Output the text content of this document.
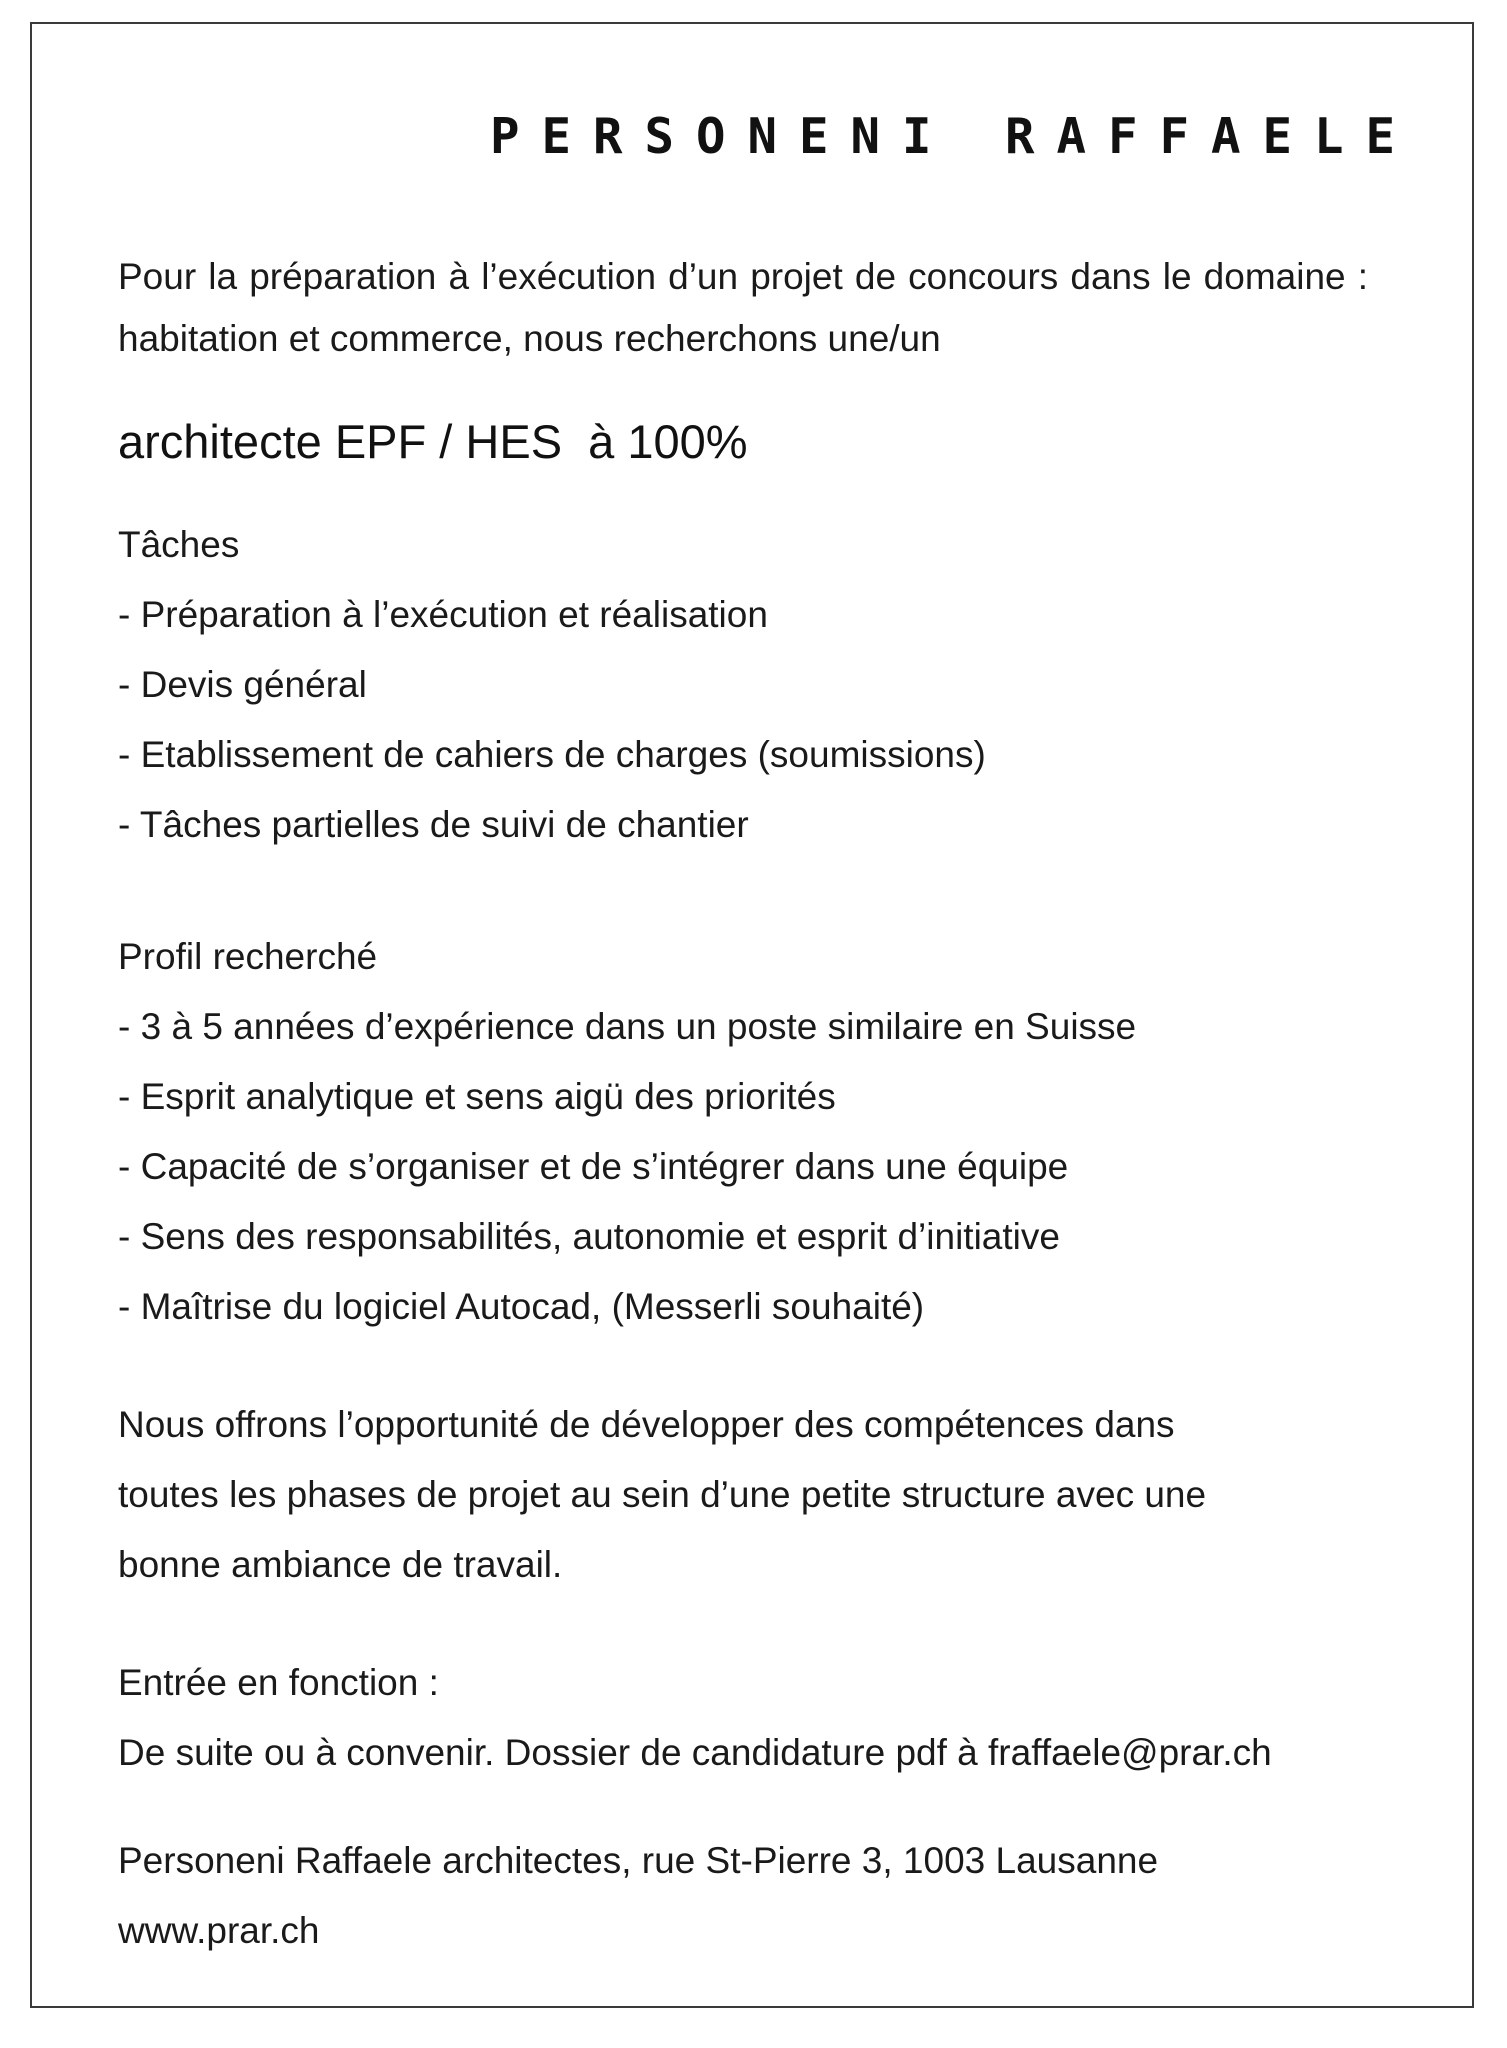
PERSONENI RAFFAELE

Pour la préparation à l’exécution d’un projet de concours dans le domaine : habitation et commerce, nous recherchons une/un

architecte EPF / HES  à 100%
Tâches
- Préparation à l’exécution et réalisation
- Devis général
- Etablissement de cahiers de charges (soumissions)
- Tâches partielles de suivi de chantier
Profil recherché
- 3 à 5 années d’expérience dans un poste similaire en Suisse
- Esprit analytique et sens aigü des priorités
- Capacité de s’organiser et de s’intégrer dans une équipe
- Sens des responsabilités, autonomie et esprit d’initiative
- Maîtrise du logiciel Autocad, (Messerli souhaité)
Nous offrons l’opportunité de développer des compétences dans
toutes les phases de projet au sein d’une petite structure avec une
bonne ambiance de travail.
Entrée en fonction :
De suite ou à convenir. Dossier de candidature pdf à fraffaele@prar.ch
Personeni Raffaele architectes, rue St-Pierre 3, 1003 Lausanne
www.prar.ch
